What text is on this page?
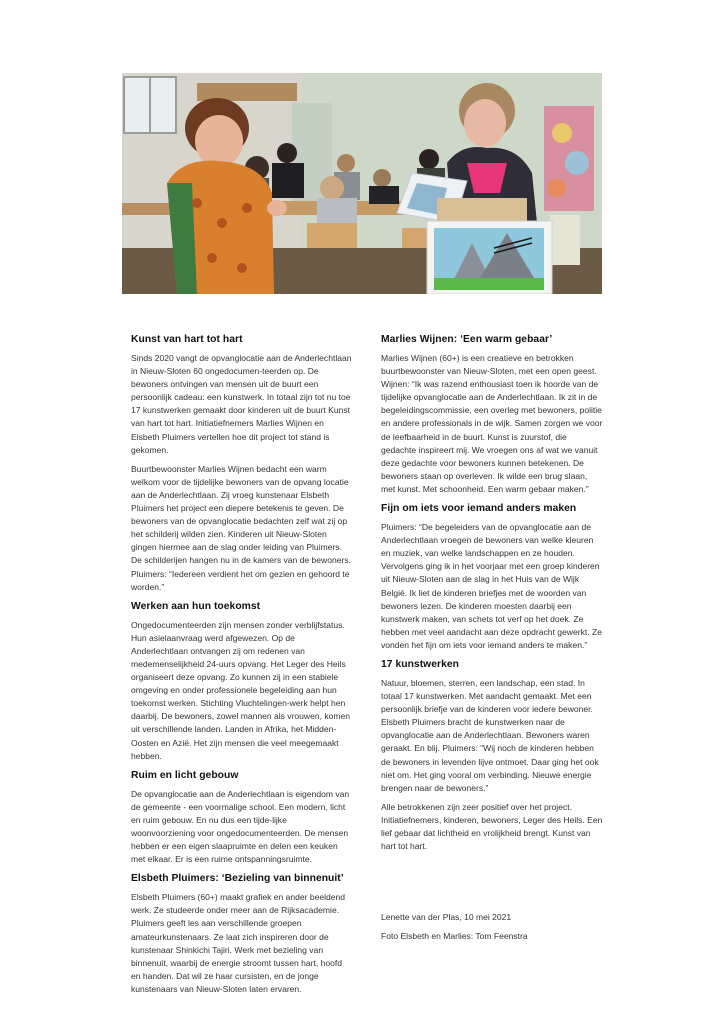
Kunst van hart tot hart

Sinds 2020 vangt de opvanglocatie aan de Anderlechtlaan in Nieuw-Sloten 60 ongedocumen-teerden op. De bewoners ontvingen van mensen uit de buurt een persoonlijk cadeau: een kunstwerk. In totaal zijn tot nu toe 17 kunstwerken gemaakt door kinderen uit de buurt Kunst van hart tot hart. Initiatiefnemers Marlies Wijnen en Elsbeth Pluimers vertellen hoe dit project tot stand is gekomen.

Buurtbewoonster Marlies Wijnen bedacht een warm welkom voor de tijdelijke bewoners van de opvang locatie aan de Anderlechtlaan. Zij vroeg kunstenaar Elsbeth Pluimers het project een diepere betekenis te geven. De bewoners van de opvanglocatie bedachten zelf wat zij op het schilderij wilden zien. Kinderen uit Nieuw-Sloten gingen hiermee aan de slag onder leiding van Pluimers. De schilderijen hangen nu in de kamers van de bewoners. Pluimers: “Iedereen verdient het om gezien en gehoord te worden.”

Werken aan hun toekomst

Ongedocumenteerden zijn mensen zonder verblijfstatus. Hun asielaanvraag werd afgewezen. Op de Anderlechtlaan ontvangen zij om redenen van medemenselijkheid 24-uurs opvang. Het Leger des Heils organiseert deze opvang. Zo kunnen zij in een stabiele omgeving en onder professionele begeleiding aan hun toekomst werken. Stichting Vluchtelingen-werk helpt hen daarbij. De bewoners, zowel mannen als vrouwen, komen uit verschillende landen. Landen in Afrika, het Midden-Oosten en Azië. Het zijn mensen die veel meegemaakt hebben.

Ruim en licht gebouw

De opvanglocatie aan de Anderlechtlaan is eigendom van de gemeente - een voormalige school. Een modern, licht en ruim gebouw. En nu dus een tijde-lijke woonvoorziening voor ongedocumenteerden. De mensen hebben er een eigen slaapruimte en delen een keuken met elkaar. Er is een ruime ontspanningsruimte.

Elsbeth Pluimers: ‘Bezieling van binnenuit’

Elsbeth Pluimers (60+) maakt grafiek en ander beeldend werk. Ze studeerde onder meer aan de Rijksacademie. Pluimers geeft les aan verschillende groepen amateurkunstenaars. Ze laat zich inspireren door de kunstenaar Shinkichi Tajiri. Werk met bezieling van binnenuit, waarbij de energie stroomt tussen hart, hoofd en handen. Dat wil ze haar cursisten, en de jonge kunstenaars van Nieuw-Sloten laten ervaren.

Marlies Wijnen: ‘Een warm gebaar’

Marlies Wijnen (60+) is een creatieve en betrokken buurtbewoonster van Nieuw-Sloten, met een open geest. Wijnen: “Ik was razend enthousiast toen ik hoorde van de tijdelijke opvanglocatie aan de Anderlechtlaan. Ik zit in de begeleidingscommissie, een overleg met bewoners, politie en andere professionals in de wijk. Samen zorgen we voor de leefbaarheid in de buurt. Kunst is zuurstof, die gedachte inspireert mij. We vroegen ons af wat we vanuit deze gedachte voor bewoners kunnen betekenen. De bewoners staan op overleven. Ik wilde een brug slaan, met kunst. Met schoonheid. Een warm gebaar maken.”

Fijn om iets voor iemand anders maken

Pluimers: “De begeleiders van de opvanglocatie aan de Anderlechtlaan vroegen de bewoners van welke kleuren en muziek, van welke landschappen en ze houden. Vervolgens ging ik in het voorjaar met een groep kinderen uit Nieuw-Sloten aan de slag in het Huis van de Wijk België. Ik liet de kinderen briefjes met de woorden van bewoners lezen. De kinderen moesten daarbij een kunstwerk maken, van schets tot verf op het doek. Ze hebben met veel aandacht aan deze opdracht gewerkt. Ze vonden het fijn om iets voor iemand anders te maken.”

17 kunstwerken

Natuur, bloemen, sterren, een landschap, een stad. In totaal 17 kunstwerken. Met aandacht gemaakt. Met een persoonlijk briefje van de kinderen voor iedere bewoner. Elsbeth Pluimers bracht de kunstwerken naar de opvanglocatie aan de Anderlechtlaan. Bewoners waren geraakt. En blij. Pluimers: “Wij noch de kinderen hebben de bewoners in levenden lijve ontmoet. Daar ging het ook niet om. Het ging vooral om verbinding. Nieuwe energie brengen naar de bewoners.”

Alle betrokkenen zijn zeer positief over het project. Initiatiefnemers, kinderen, bewoners, Leger des Heils. Een lief gebaar dat lichtheid en vrolijkheid brengt. Kunst van hart tot hart.

Lenette van der Plas, 10 mei 2021
Foto Elsbeth en Marlies: Tom Feenstra
